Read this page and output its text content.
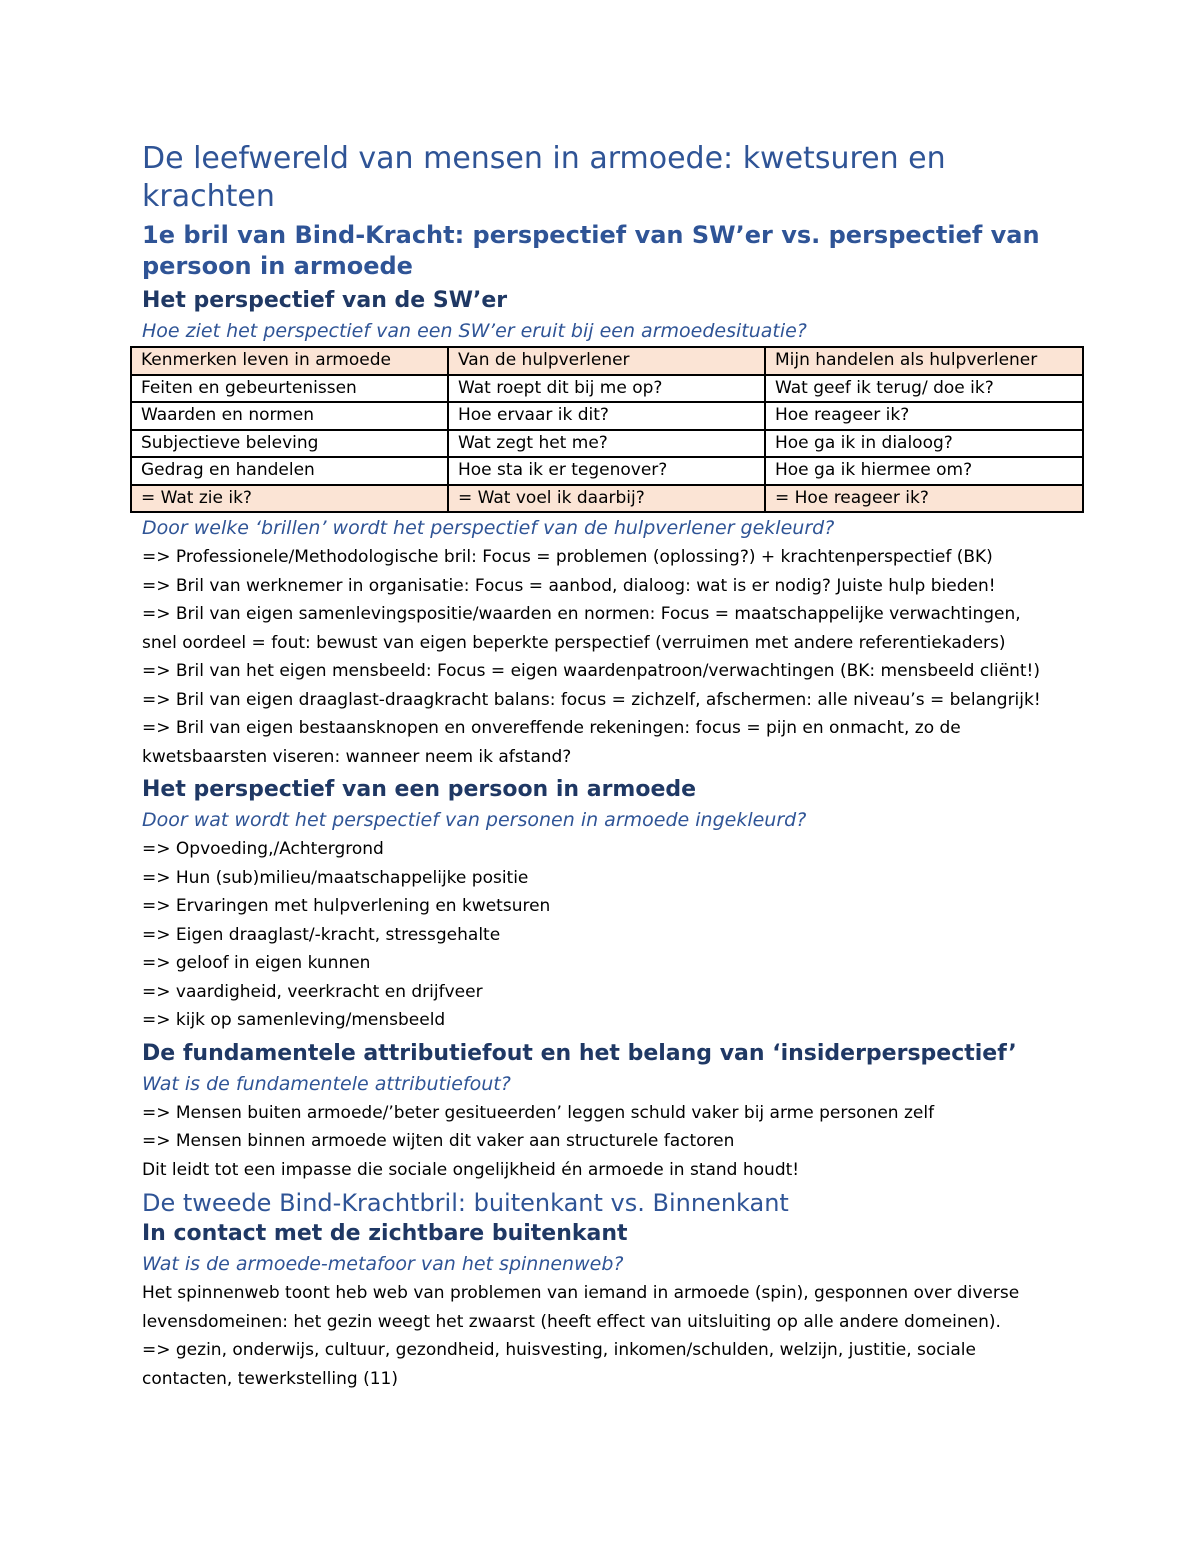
De leefwereld van mensen in armoede: kwetsuren en krachten
1e bril van Bind-Kracht: perspectief van SW’er vs. perspectief van persoon in armoede
Het perspectief van de SW’er
Hoe ziet het perspectief van een SW’er eruit bij een armoedesituatie?
Kenmerken leven in armoede	Van de hulpverlener	Mijn handelen als hulpverlener
Feiten en gebeurtenissen	Wat roept dit bij me op?	Wat geef ik terug/ doe ik?
Waarden en normen	Hoe ervaar ik dit?	Hoe reageer ik?
Subjectieve beleving	Wat zegt het me?	Hoe ga ik in dialoog?
Gedrag en handelen	Hoe sta ik er tegenover?	Hoe ga ik hiermee om?
= Wat zie ik?	= Wat voel ik daarbij?	= Hoe reageer ik?
Door welke ‘brillen’ wordt het perspectief van de hulpverlener gekleurd?

=> Professionele/Methodologische bril: Focus = problemen (oplossing?) + krachtenperspectief (BK)

=> Bril van werknemer in organisatie: Focus = aanbod, dialoog: wat is er nodig? Juiste hulp bieden!

=> Bril van eigen samenlevingspositie/waarden en normen: Focus = maatschappelijke verwachtingen,

snel oordeel = fout: bewust van eigen beperkte perspectief (verruimen met andere referentiekaders)

=> Bril van het eigen mensbeeld: Focus = eigen waardenpatroon/verwachtingen (BK: mensbeeld cliënt!)

=> Bril van eigen draaglast-draagkracht balans: focus = zichzelf, afschermen: alle niveau’s = belangrijk!

=> Bril van eigen bestaansknopen en onvereffende rekeningen: focus = pijn en onmacht, zo de

kwetsbaarsten viseren: wanneer neem ik afstand?

Het perspectief van een persoon in armoede
Door wat wordt het perspectief van personen in armoede ingekleurd?

=> Opvoeding,/Achtergrond

=> Hun (sub)milieu/maatschappelijke positie

=> Ervaringen met hulpverlening en kwetsuren

=> Eigen draaglast/-kracht, stressgehalte

=> geloof in eigen kunnen

=> vaardigheid, veerkracht en drijfveer

=> kijk op samenleving/mensbeeld

De fundamentele attributiefout en het belang van ‘insiderperspectief’
Wat is de fundamentele attributiefout?

=> Mensen buiten armoede/’beter gesitueerden’ leggen schuld vaker bij arme personen zelf

=> Mensen binnen armoede wijten dit vaker aan structurele factoren

Dit leidt tot een impasse die sociale ongelijkheid én armoede in stand houdt!

De tweede Bind-Krachtbril: buitenkant vs. Binnenkant
In contact met de zichtbare buitenkant
Wat is de armoede-metafoor van het spinnenweb?

Het spinnenweb toont heb web van problemen van iemand in armoede (spin), gesponnen over diverse

levensdomeinen: het gezin weegt het zwaarst (heeft effect van uitsluiting op alle andere domeinen).

=> gezin, onderwijs, cultuur, gezondheid, huisvesting, inkomen/schulden, welzijn, justitie, sociale

contacten, tewerkstelling (11)
